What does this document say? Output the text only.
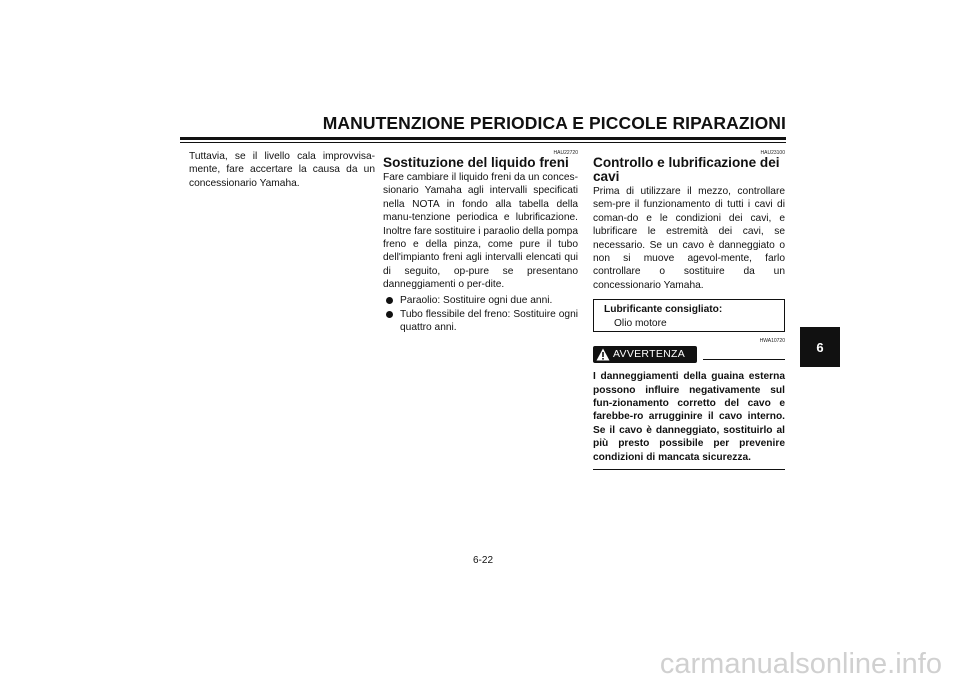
MANUTENZIONE PERIODICA E PICCOLE RIPARAZIONI

Tuttavia, se il livello cala improvvisa-mente, fare accertare la causa da un concessionario Yamaha.

HAU22720

Sostituzione del liquido freni

Fare cambiare il liquido freni da un conces-sionario Yamaha agli intervalli specificati nella NOTA in fondo alla tabella della manu-tenzione periodica e lubrificazione. Inoltre fare sostituire i paraolio della pompa freno e della pinza, come pure il tubo dell'impianto freni agli intervalli elencati qui di seguito, op-pure se presentano danneggiamenti o per-dite.

Paraolio: Sostituire ogni due anni.
Tubo flessibile del freno: Sostituire ogni quattro anni.

HAU23100

Controllo e lubrificazione dei cavi

Prima di utilizzare il mezzo, controllare sem-pre il funzionamento di tutti i cavi di coman-do e le condizioni dei cavi, e lubrificare le estremità dei cavi, se necessario. Se un cavo è danneggiato o non si muove agevol-mente, farlo controllare o sostituire da un concessionario Yamaha.

Lubrificante consigliato:
Olio motore

HWA10720

AVVERTENZA

I danneggiamenti della guaina esterna possono influire negativamente sul fun-zionamento corretto del cavo e farebbe-ro arrugginire il cavo interno. Se il cavo è danneggiato, sostituirlo al più presto possibile per prevenire condizioni di mancata sicurezza.

6
6-22
carmanualsonline.info
